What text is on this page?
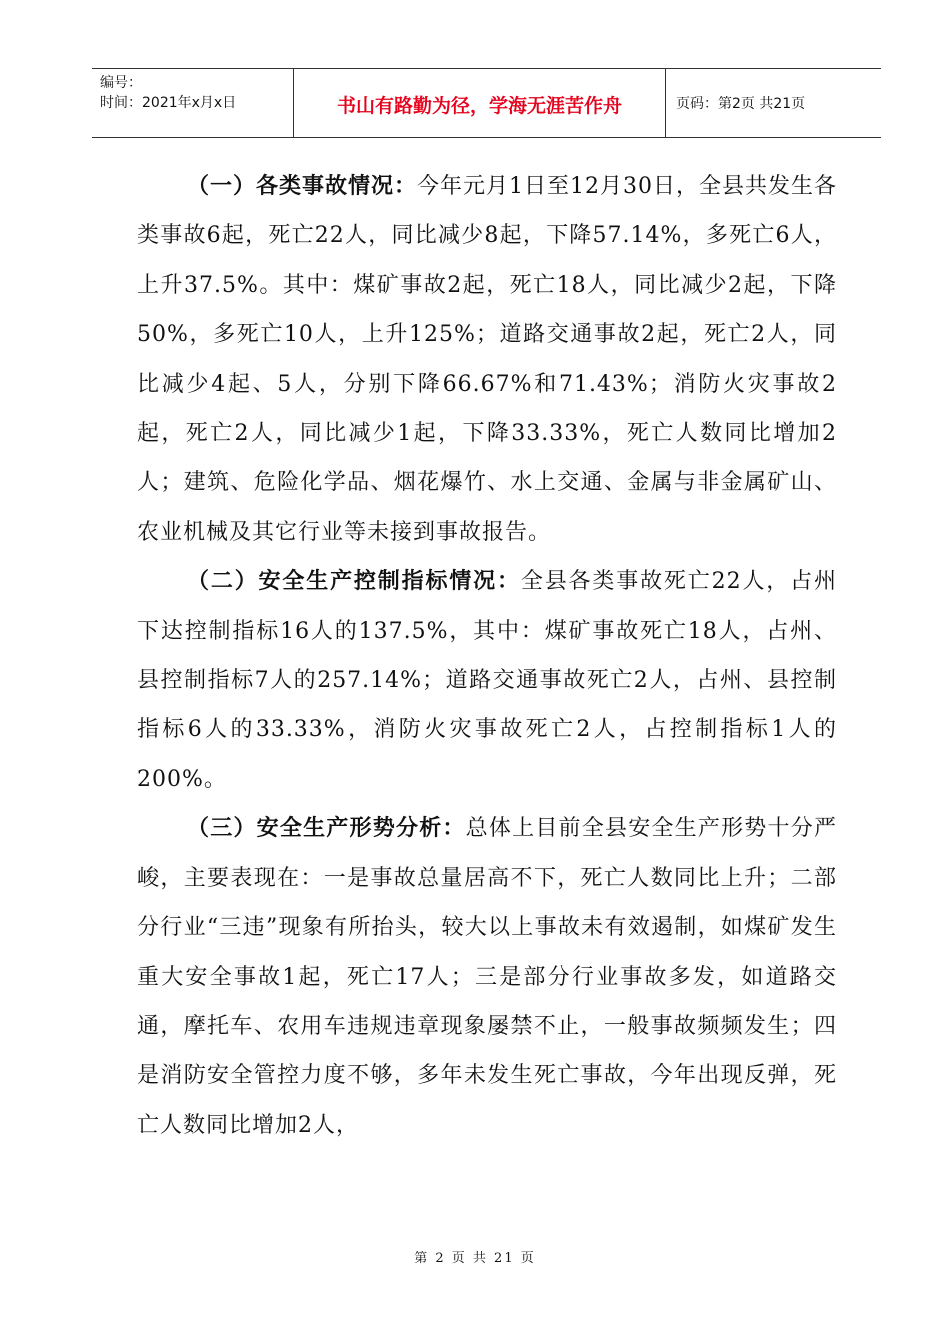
编号：
时间：2021年x月x日	书山有路勤为径，学海无涯苦作舟	页码：第2页 共21页

（一）各类事故情况：今年元月1日至12月30日，全县共发生各类事故6起，死亡22人，同比减少8起，下降57.14%，多死亡6人，上升37.5%。其中：煤矿事故2起，死亡18人，同比减少2起，下降50%，多死亡10人，上升125%；道路交通事故2起，死亡2人，同比减少4起、5人，分别下降66.67%和71.43%；消防火灾事故2起，死亡2人，同比减少1起，下降33.33%，死亡人数同比增加2人；建筑、危险化学品、烟花爆竹、水上交通、金属与非金属矿山、农业机械及其它行业等未接到事故报告。

（二）安全生产控制指标情况：全县各类事故死亡22人，占州下达控制指标16人的137.5%，其中：煤矿事故死亡18人，占州、县控制指标7人的257.14%；道路交通事故死亡2人，占州、县控制指标6人的33.33%，消防火灾事故死亡2人，占控制指标1人的200%。

（三）安全生产形势分析：总体上目前全县安全生产形势十分严峻，主要表现在：一是事故总量居高不下，死亡人数同比上升；二部分行业“三违”现象有所抬头，较大以上事故未有效遏制，如煤矿发生重大安全事故1起，死亡17人；三是部分行业事故多发，如道路交通，摩托车、农用车违规违章现象屡禁不止，一般事故频频发生；四是消防安全管控力度不够，多年未发生死亡事故，今年出现反弹，死亡人数同比增加2人，

第 2 页 共 21 页
